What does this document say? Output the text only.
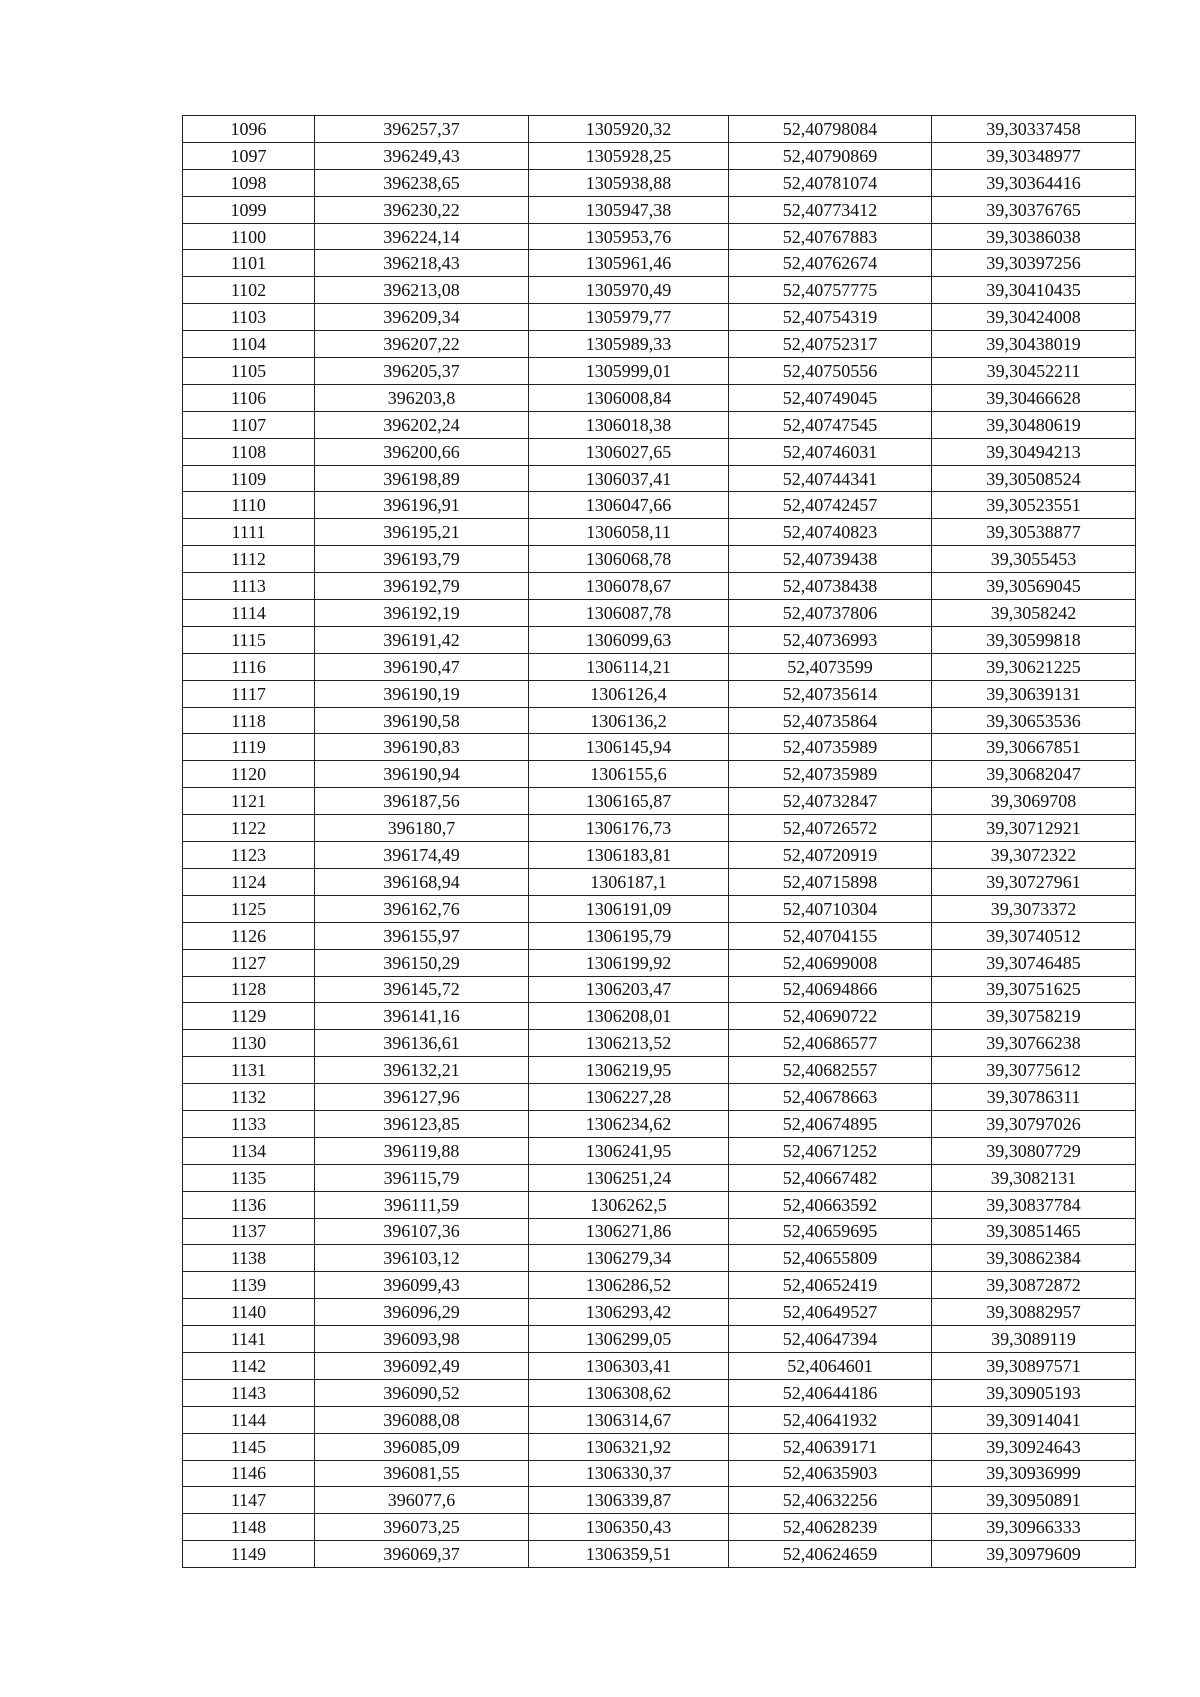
1096	396257,37	1305920,32	52,40798084	39,30337458
1097	396249,43	1305928,25	52,40790869	39,30348977
1098	396238,65	1305938,88	52,40781074	39,30364416
1099	396230,22	1305947,38	52,40773412	39,30376765
1100	396224,14	1305953,76	52,40767883	39,30386038
1101	396218,43	1305961,46	52,40762674	39,30397256
1102	396213,08	1305970,49	52,40757775	39,30410435
1103	396209,34	1305979,77	52,40754319	39,30424008
1104	396207,22	1305989,33	52,40752317	39,30438019
1105	396205,37	1305999,01	52,40750556	39,30452211
1106	396203,8	1306008,84	52,40749045	39,30466628
1107	396202,24	1306018,38	52,40747545	39,30480619
1108	396200,66	1306027,65	52,40746031	39,30494213
1109	396198,89	1306037,41	52,40744341	39,30508524
1110	396196,91	1306047,66	52,40742457	39,30523551
1111	396195,21	1306058,11	52,40740823	39,30538877
1112	396193,79	1306068,78	52,40739438	39,3055453
1113	396192,79	1306078,67	52,40738438	39,30569045
1114	396192,19	1306087,78	52,40737806	39,3058242
1115	396191,42	1306099,63	52,40736993	39,30599818
1116	396190,47	1306114,21	52,4073599	39,30621225
1117	396190,19	1306126,4	52,40735614	39,30639131
1118	396190,58	1306136,2	52,40735864	39,30653536
1119	396190,83	1306145,94	52,40735989	39,30667851
1120	396190,94	1306155,6	52,40735989	39,30682047
1121	396187,56	1306165,87	52,40732847	39,3069708
1122	396180,7	1306176,73	52,40726572	39,30712921
1123	396174,49	1306183,81	52,40720919	39,3072322
1124	396168,94	1306187,1	52,40715898	39,30727961
1125	396162,76	1306191,09	52,40710304	39,3073372
1126	396155,97	1306195,79	52,40704155	39,30740512
1127	396150,29	1306199,92	52,40699008	39,30746485
1128	396145,72	1306203,47	52,40694866	39,30751625
1129	396141,16	1306208,01	52,40690722	39,30758219
1130	396136,61	1306213,52	52,40686577	39,30766238
1131	396132,21	1306219,95	52,40682557	39,30775612
1132	396127,96	1306227,28	52,40678663	39,30786311
1133	396123,85	1306234,62	52,40674895	39,30797026
1134	396119,88	1306241,95	52,40671252	39,30807729
1135	396115,79	1306251,24	52,40667482	39,3082131
1136	396111,59	1306262,5	52,40663592	39,30837784
1137	396107,36	1306271,86	52,40659695	39,30851465
1138	396103,12	1306279,34	52,40655809	39,30862384
1139	396099,43	1306286,52	52,40652419	39,30872872
1140	396096,29	1306293,42	52,40649527	39,30882957
1141	396093,98	1306299,05	52,40647394	39,3089119
1142	396092,49	1306303,41	52,4064601	39,30897571
1143	396090,52	1306308,62	52,40644186	39,30905193
1144	396088,08	1306314,67	52,40641932	39,30914041
1145	396085,09	1306321,92	52,40639171	39,30924643
1146	396081,55	1306330,37	52,40635903	39,30936999
1147	396077,6	1306339,87	52,40632256	39,30950891
1148	396073,25	1306350,43	52,40628239	39,30966333
1149	396069,37	1306359,51	52,40624659	39,30979609
